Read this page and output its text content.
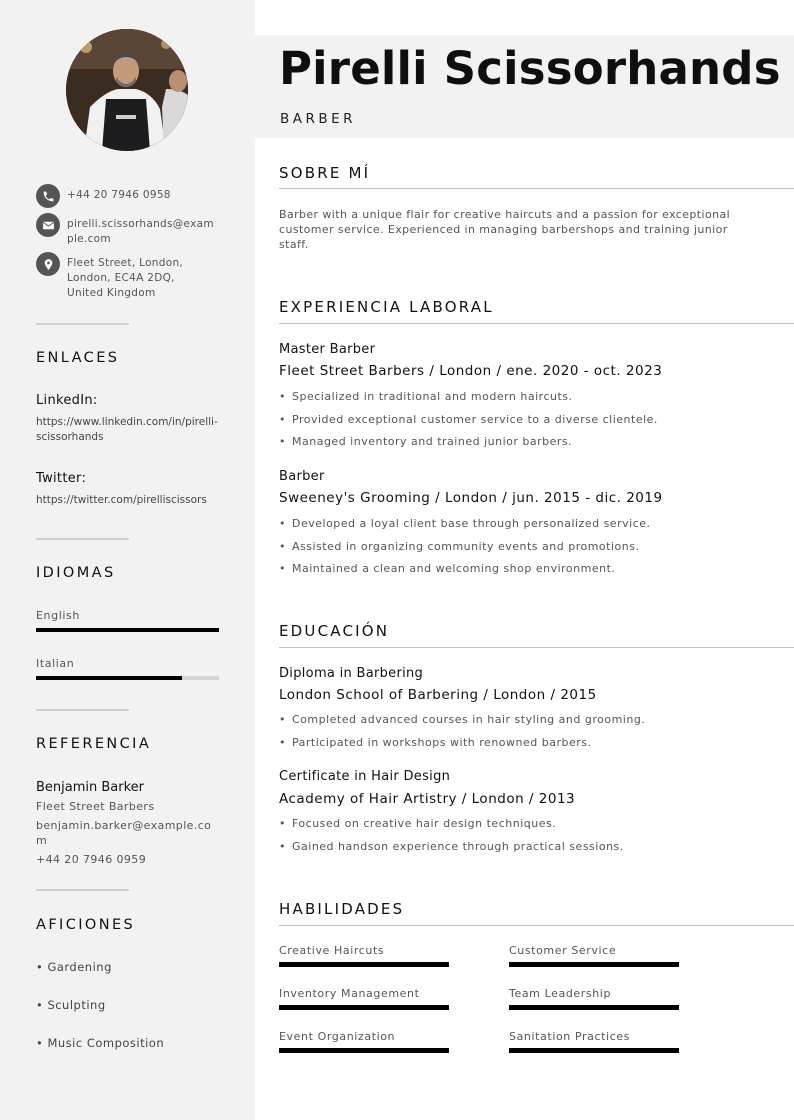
+44 20 7946 0958
pirelli.scissorhands@example.com
Fleet Street, London, London, EC4A 2DQ, United Kingdom
ENLACES
LinkedIn:
https://www.linkedin.com/in/pirelli-scissorhands
Twitter:
https://twitter.com/pirelliscissors
IDIOMAS
English
Italian
REFERENCIA
Benjamin Barker
Fleet Street Barbers
benjamin.barker@example.com
+44 20 7946 0959
AFICIONES
• Gardening
• Sculpting
• Music Composition
Pirelli Scissorhands
BARBER
SOBRE MÍ
Barber with a unique flair for creative haircuts and a passion for exceptional customer service. Experienced in managing barbershops and training junior staff.
EXPERIENCIA LABORAL
Master Barber
Fleet Street Barbers / London / ene. 2020 - oct. 2023
• Specialized in traditional and modern haircuts.
• Provided exceptional customer service to a diverse clientele.
• Managed inventory and trained junior barbers.
Barber
Sweeney's Grooming / London / jun. 2015 - dic. 2019
• Developed a loyal client base through personalized service.
• Assisted in organizing community events and promotions.
• Maintained a clean and welcoming shop environment.
EDUCACIÓN
Diploma in Barbering
London School of Barbering / London / 2015
• Completed advanced courses in hair styling and grooming.
• Participated in workshops with renowned barbers.
Certificate in Hair Design
Academy of Hair Artistry / London / 2013
• Focused on creative hair design techniques.
• Gained handson experience through practical sessions.
HABILIDADES
Creative Haircuts	Customer Service
Inventory Management	Team Leadership
Event Organization	Sanitation Practices
